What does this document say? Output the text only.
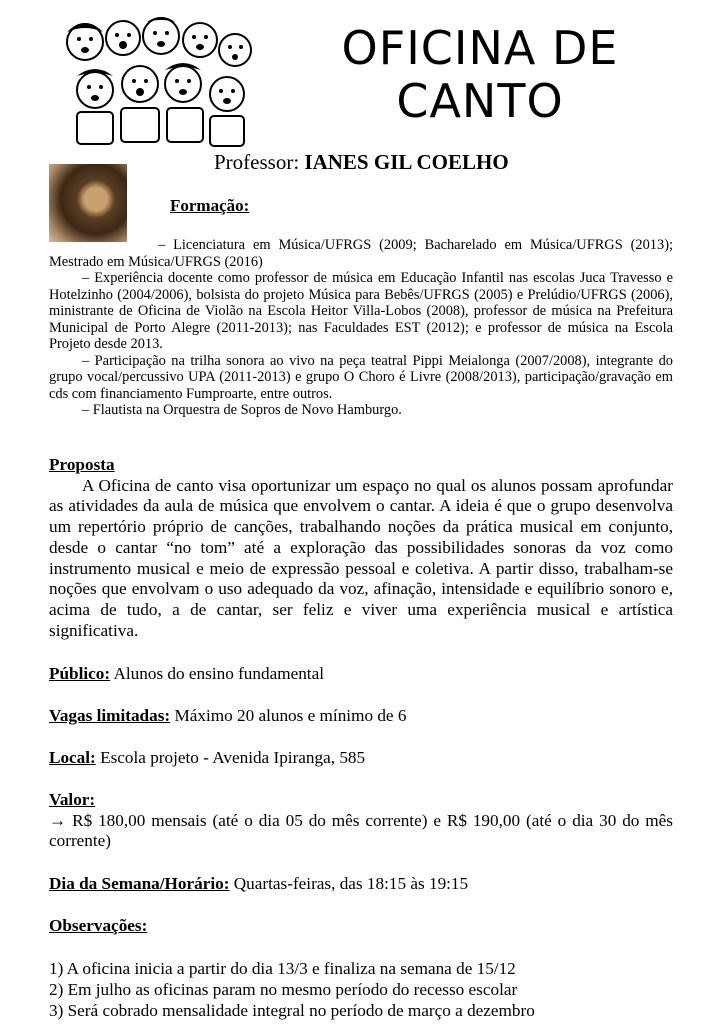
OFICINA DE
CANTO
Professor: IANES GIL COELHO
Formação:

– Licenciatura em Música/UFRGS (2009; Bacharelado em Música/UFRGS (2013); Mestrado em Música/UFRGS (2016)

– Experiência docente como professor de música em Educação Infantil nas escolas Juca Travesso e Hotelzinho (2004/2006), bolsista do projeto Música para Bebês/UFRGS (2005) e Prelúdio/UFRGS (2006), ministrante de Oficina de Violão na Escola Heitor Villa-Lobos (2008), professor de música na Prefeitura Municipal de Porto Alegre (2011-2013); nas Faculdades EST (2012); e professor de música na Escola Projeto desde 2013.

– Participação na trilha sonora ao vivo na peça teatral Pippi Meialonga (2007/2008), integrante do grupo vocal/percussivo UPA (2011-2013) e grupo O Choro é Livre (2008/2013), participação/gravação em cds com financiamento Fumproarte, entre outros.

– Flautista na Orquestra de Sopros de Novo Hamburgo.

Proposta

A Oficina de canto visa oportunizar um espaço no qual os alunos possam aprofundar as atividades da aula de música que envolvem o cantar. A ideia é que o grupo desenvolva um repertório próprio de canções, trabalhando noções da prática musical em conjunto, desde o cantar “no tom” até a exploração das possibilidades sonoras da voz como instrumento musical e meio de expressão pessoal e coletiva. A partir disso, trabalham-se noções que envolvam o uso adequado da voz, afinação, intensidade e equilíbrio sonoro e, acima de tudo, a de cantar, ser feliz e viver uma experiência musical e artística significativa.

Público: Alunos do ensino fundamental
Vagas limitadas: Máximo 20 alunos e mínimo de 6
Local: Escola projeto - Avenida Ipiranga, 585

Valor:

→ R$ 180,00 mensais (até o dia 05 do mês corrente) e R$ 190,00 (até o dia 30 do mês corrente)

Dia da Semana/Horário: Quartas-feiras, das 18:15 às 19:15
Observações:

1) A oficina inicia a partir do dia 13/3 e finaliza na semana de 15/12

2) Em julho as oficinas param no mesmo período do recesso escolar

3) Será cobrado mensalidade integral no período de março a dezembro
